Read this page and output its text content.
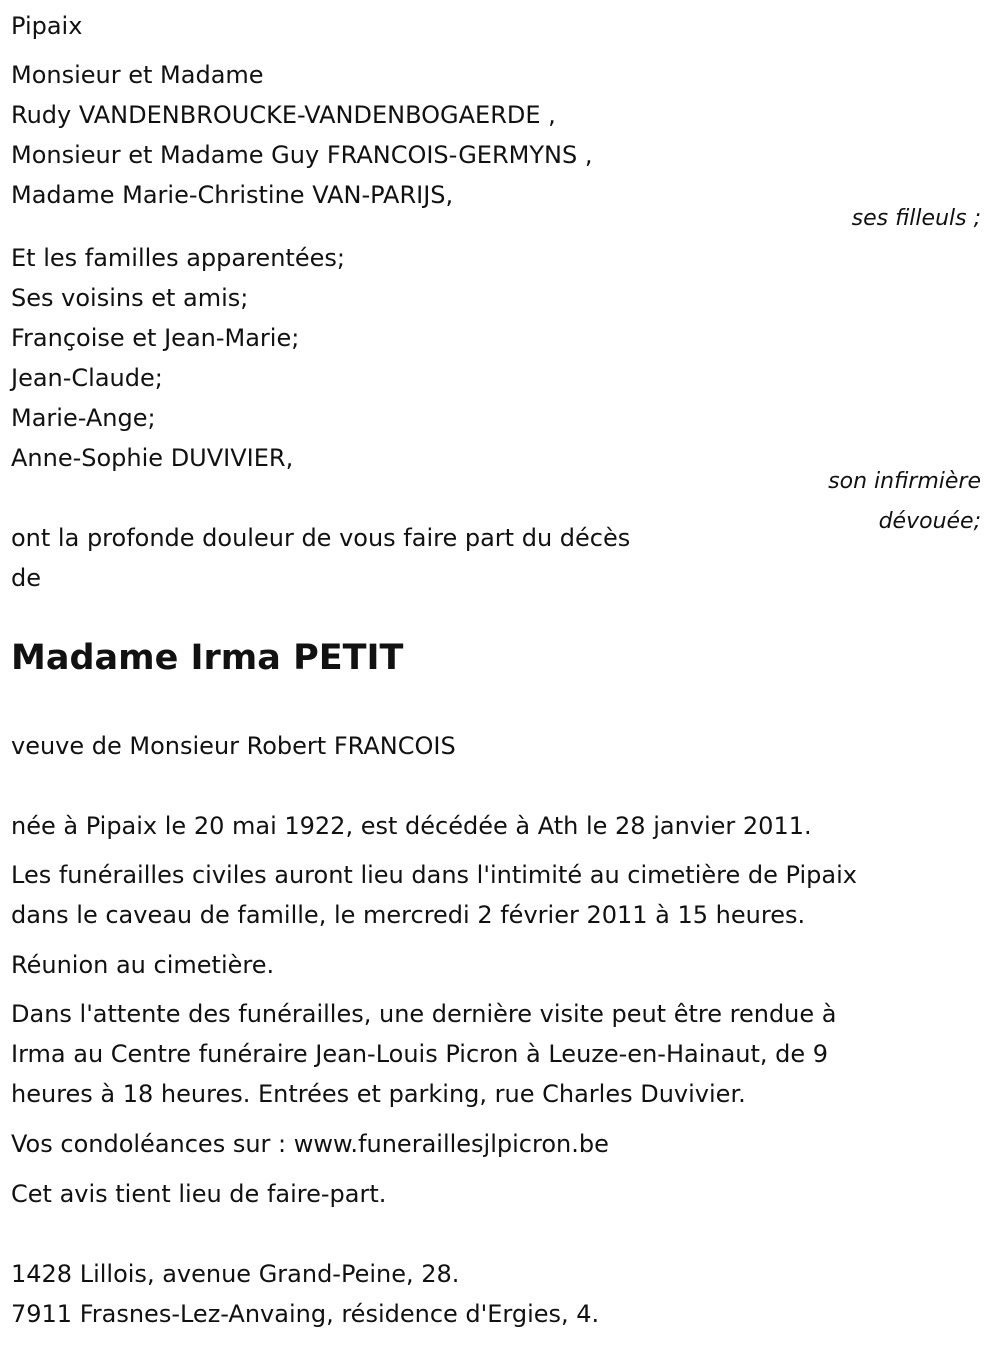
Pipaix
Monsieur et Madame
Rudy VANDENBROUCKE-VANDENBOGAERDE ,
Monsieur et Madame Guy FRANCOIS-GERMYNS ,
Madame Marie-Christine VAN-PARIJS,
ses filleuls ;
Et les familles apparentées;
Ses voisins et amis;
Françoise et Jean-Marie;
Jean-Claude;
Marie-Ange;
Anne-Sophie DUVIVIER,
son infirmière
dévouée;
ont la profonde douleur de vous faire part du décès
de
Madame Irma PETIT
veuve de Monsieur Robert FRANCOIS
née à Pipaix le 20 mai 1922, est décédée à Ath le 28 janvier 2011.
Les funérailles civiles auront lieu dans l'intimité au cimetière de Pipaix
dans le caveau de famille, le mercredi 2 février 2011 à 15 heures.
Réunion au cimetière.
Dans l'attente des funérailles, une dernière visite peut être rendue à
Irma au Centre funéraire Jean-Louis Picron à Leuze-en-Hainaut, de 9
heures à 18 heures. Entrées et parking, rue Charles Duvivier.
Vos condoléances sur : www.funeraillesjlpicron.be
Cet avis tient lieu de faire-part.
1428 Lillois, avenue Grand-Peine, 28.
7911 Frasnes-Lez-Anvaing, résidence d'Ergies, 4.
